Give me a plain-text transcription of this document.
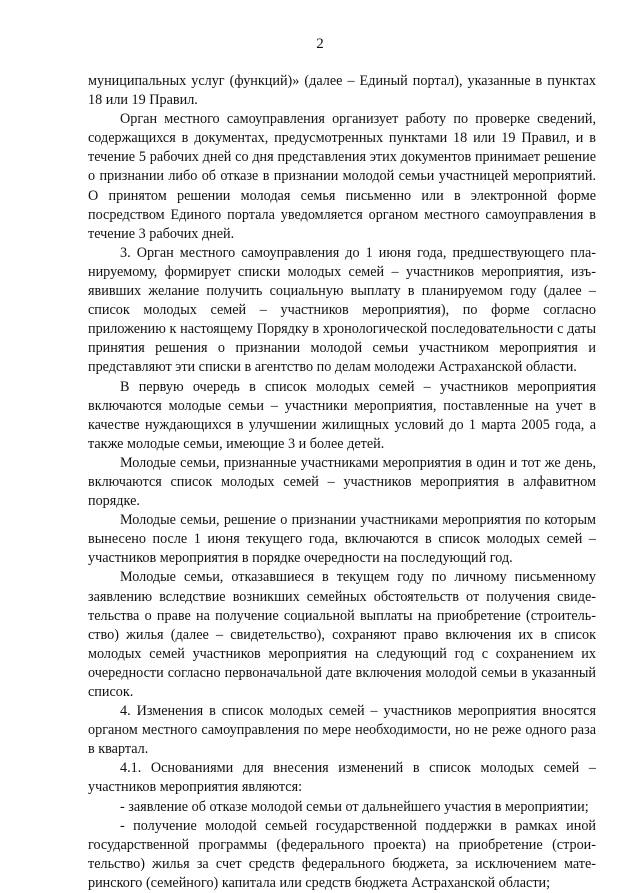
2

муниципальных услуг (функций)» (далее – Единый портал), указанные в пунктах 18 или 19 Правил.

Орган местного самоуправления организует работу по проверке сведений, содержащихся в документах, предусмотренных пунктами 18 или 19 Правил, и в течение 5 рабочих дней со дня представления этих документов принимает решение о признании либо об отказе в признании молодой семьи участницей мероприятий. О принятом решении молодая семья письменно или в электронной форме посредством Единого портала уведомляется органом местного самоуправления в течение 3 рабочих дней.

3. Орган местного самоуправления до 1 июня года, предшествующего планируемому, формирует списки молодых семей – участников мероприятия, изъявивших желание получить социальную выплату в планируемом году (далее – список молодых семей – участников мероприятия), по форме согласно приложению к настоящему Порядку в хронологической последовательности с даты принятия решения о признании молодой семьи участником мероприятия и представляют эти списки в агентство по делам молодежи Астраханской области.

В первую очередь в список молодых семей – участников мероприятия включаются молодые семьи – участники мероприятия, поставленные на учет в качестве нуждающихся в улучшении жилищных условий до 1 марта 2005 года, а также молодые семьи, имеющие 3 и более детей.

Молодые семьи, признанные участниками мероприятия в один и тот же день, включаются список молодых семей – участников мероприятия в алфавитном порядке.

Молодые семьи, решение о признании участниками мероприятия по которым вынесено после 1 июня текущего года, включаются в список молодых семей – участников мероприятия в порядке очередности на последующий год.

Молодые семьи, отказавшиеся в текущем году по личному письменному заявлению вследствие возникших семейных обстоятельств от получения свидетельства о праве на получение социальной выплаты на приобретение (строительство) жилья (далее – свидетельство), сохраняют право включения их в список молодых семей участников мероприятия на следующий год с сохранением их очередности согласно первоначальной дате включения молодой семьи в указанный список.

4. Изменения в список молодых семей – участников мероприятия вносятся органом местного самоуправления по мере необходимости, но не реже одного раза в квартал.

4.1. Основаниями для внесения изменений в список молодых семей – участников мероприятия являются:

- заявление об отказе молодой семьи от дальнейшего участия в мероприятии;

- получение молодой семьей государственной поддержки в рамках иной государственной программы (федерального проекта) на приобретение (строительство) жилья за счет средств федерального бюджета, за исключением материнского (семейного) капитала или средств бюджета Астраханской области;
